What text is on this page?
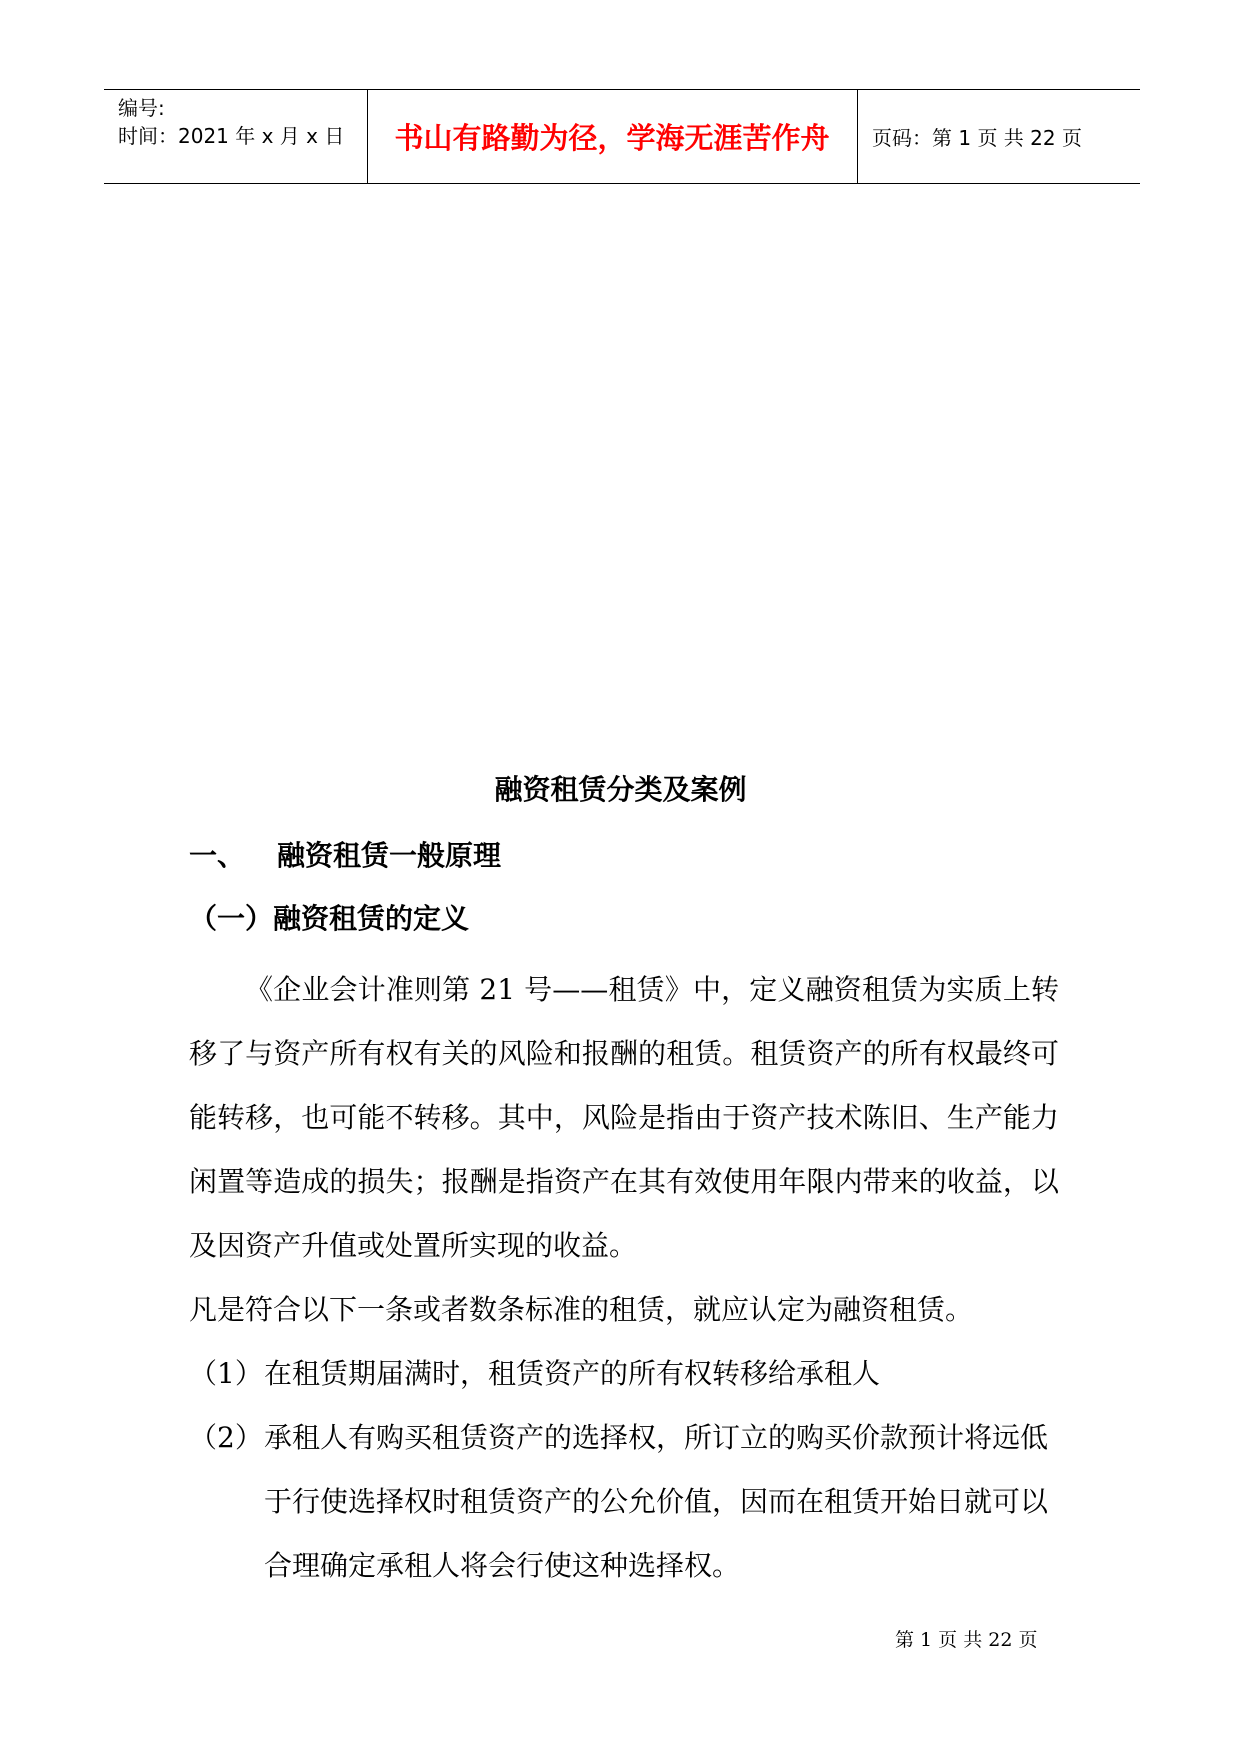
编号:
时间：2021 年 x 月 x 日	书山有路勤为径，学海无涯苦作舟	页码：第 1 页 共 22 页
融资租赁分类及案例
一、 融资租赁一般原理
（一）融资租赁的定义
《企业会计准则第 21 号——租赁》中，定义融资租赁为实质上转移了与资产所有权有关的风险和报酬的租赁。租赁资产的所有权最终可能转移，也可能不转移。其中，风险是指由于资产技术陈旧、生产能力闲置等造成的损失；报酬是指资产在其有效使用年限内带来的收益，以及因资产升值或处置所实现的收益。
凡是符合以下一条或者数条标准的租赁，就应认定为融资租赁。
（1） 在租赁期届满时，租赁资产的所有权转移给承租人
（2） 承租人有购买租赁资产的选择权，所订立的购买价款预计将远低于行使选择权时租赁资产的公允价值，因而在租赁开始日就可以合理确定承租人将会行使这种选择权。
第 1 页 共 22 页
